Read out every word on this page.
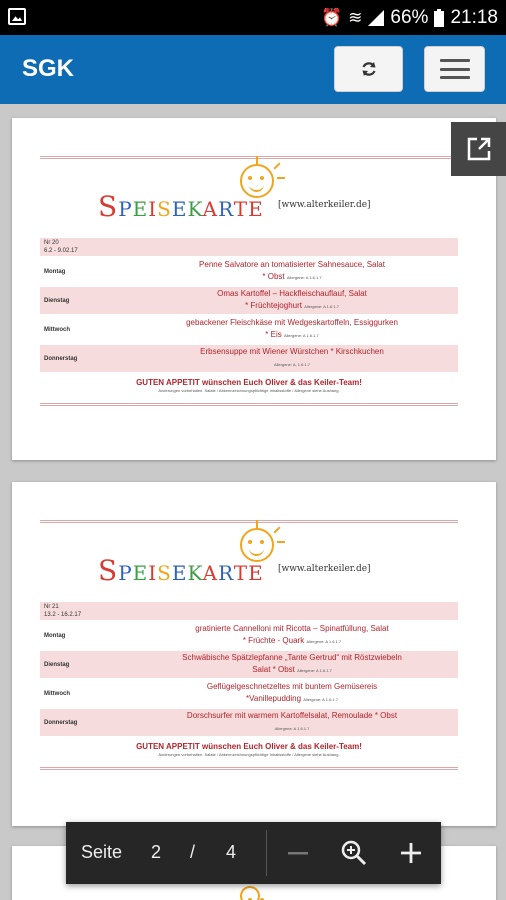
⏰ ≋ 66% 21:18
SGK
Speisekarte [www.alterkeiler.de]
Nr 20
6.2 - 9.02.17	

Montag	Penne Salvatore an tomatisierter Sahnesauce, Salat
* Obst Allergene: A 1.6.1.7

Dienstag	Omas Kartoffel – Hackfleischauflauf, Salat
* Früchtejoghurt Allergene: A 1.6.1.7

Mittwoch	gebackener Fleischkäse mit Wedgeskartoffeln, Essiggurken
* Eis Allergene: A 1.6.1.7

Donnerstag	Erbsensuppe mit Wiener Würstchen * Kirschkuchen
Allergene: A, 1.6.1.7
GUTEN APPETIT wünschen Euch Oliver & das Keiler-Team!
Änderungen vorbehalten. Salate / Abkennzeichnungspflichtige Inhaltsstoffe / Allergene siehe Aushang.
Speisekarte [www.alterkeiler.de]
Nr 21
13.2 - 16.2.17	

Montag	gratinierte Cannelloni mit Ricotta – Spinatfüllung, Salat
* Früchte - Quark Allergene: A 1.6.1.7

Dienstag	Schwäbische Spätzlepfanne „Tante Gertrud“ mit Röstzwiebeln
Salat * Obst Allergene: A 1.6.1.7

Mittwoch	Geflügelgeschnetzeltes mit buntem Gemüsereis
*Vanillepudding Allergene: A 1.6.1.7

Donnerstag	Dorschsurfer mit warmem Kartoffelsalat, Remoulade * Obst
Allergene: A 1.6.1.7
GUTEN APPETIT wünschen Euch Oliver & das Keiler-Team!
Änderungen vorbehalten. Salate / Abkennzeichnungspflichtige Inhaltsstoffe / Allergene siehe Aushang.
Seite 2 / 4
